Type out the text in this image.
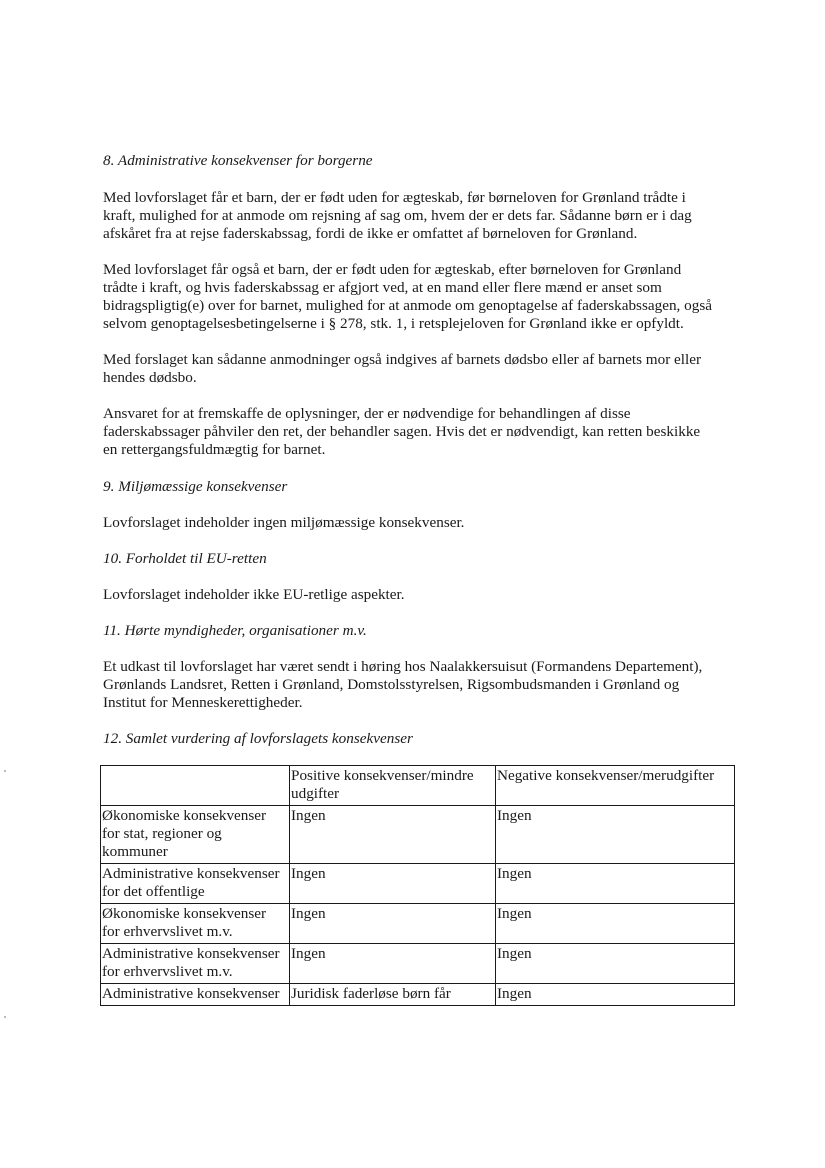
8. Administrative konsekvenser for borgerne
Med lovforslaget får et barn, der er født uden for ægteskab, før børneloven for Grønland trådte i
kraft, mulighed for at anmode om rejsning af sag om, hvem der er dets far. Sådanne børn er i dag
afskåret fra at rejse faderskabssag, fordi de ikke er omfattet af børneloven for Grønland.
Med lovforslaget får også et barn, der er født uden for ægteskab, efter børneloven for Grønland
trådte i kraft, og hvis faderskabssag er afgjort ved, at en mand eller flere mænd er anset som
bidragspligtig(e) over for barnet, mulighed for at anmode om genoptagelse af faderskabssagen, også
selvom genoptagelsesbetingelserne i § 278, stk. 1, i retsplejeloven for Grønland ikke er opfyldt.
Med forslaget kan sådanne anmodninger også indgives af barnets dødsbo eller af barnets mor eller
hendes dødsbo.
Ansvaret for at fremskaffe de oplysninger, der er nødvendige for behandlingen af disse
faderskabssager påhviler den ret, der behandler sagen. Hvis det er nødvendigt, kan retten beskikke
en rettergangsfuldmægtig for barnet.
9. Miljømæssige konsekvenser
Lovforslaget indeholder ingen miljømæssige konsekvenser.
10. Forholdet til EU-retten
Lovforslaget indeholder ikke EU-retlige aspekter.
11. Hørte myndigheder, organisationer m.v.
Et udkast til lovforslaget har været sendt i høring hos Naalakkersuisut (Formandens Departement),
Grønlands Landsret, Retten i Grønland, Domstolsstyrelsen, Rigsombudsmanden i Grønland og
Institut for Menneskerettigheder.
12. Samlet vurdering af lovforslagets konsekvenser

	Positive konsekvenser/mindre
udgifter	Negative konsekvenser/merudgifter

Økonomiske konsekvenser
for stat, regioner og
kommuner	Ingen	Ingen

Administrative konsekvenser
for det offentlige	Ingen	Ingen

Økonomiske konsekvenser
for erhvervslivet m.v.	Ingen	Ingen

Administrative konsekvenser
for erhvervslivet m.v.	Ingen	Ingen

Administrative konsekvenser	Juridisk faderløse børn får	Ingen
